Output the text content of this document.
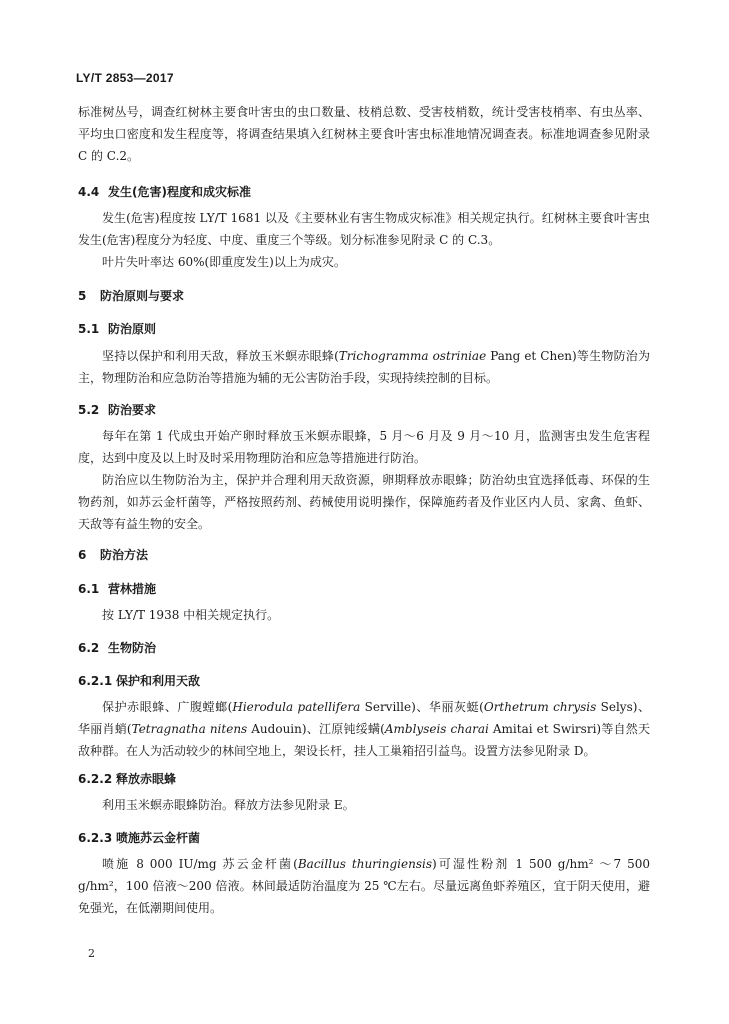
LY/T 2853—2017
标准树丛号，调查红树林主要食叶害虫的虫口数量、枝梢总数、受害枝梢数，统计受害枝梢率、有虫丛率、平均虫口密度和发生程度等，将调查结果填入红树林主要食叶害虫标准地情况调查表。标准地调查参见附录 C 的 C.2。
4.4 发生(危害)程度和成灾标准
发生(危害)程度按 LY/T 1681 以及《主要林业有害生物成灾标准》相关规定执行。红树林主要食叶害虫发生(危害)程度分为轻度、中度、重度三个等级。划分标准参见附录 C 的 C.3。
叶片失叶率达 60%(即重度发生)以上为成灾。
5 防治原则与要求
5.1 防治原则
坚持以保护和利用天敌，释放玉米螟赤眼蜂(Trichogramma ostriniae Pang et Chen)等生物防治为主，物理防治和应急防治等措施为辅的无公害防治手段，实现持续控制的目标。
5.2 防治要求
每年在第 1 代成虫开始产卵时释放玉米螟赤眼蜂，5 月～6 月及 9 月～10 月，监测害虫发生危害程度，达到中度及以上时及时采用物理防治和应急等措施进行防治。
防治应以生物防治为主，保护并合理利用天敌资源，卵期释放赤眼蜂；防治幼虫宜选择低毒、环保的生物药剂，如苏云金杆菌等，严格按照药剂、药械使用说明操作，保障施药者及作业区内人员、家禽、鱼虾、天敌等有益生物的安全。
6 防治方法
6.1 营林措施
按 LY/T 1938 中相关规定执行。
6.2 生物防治
6.2.1 保护和利用天敌
保护赤眼蜂、广腹螳螂(Hierodula patellifera Serville)、华丽灰蜓(Orthetrum chrysis Selys)、华丽肖蛸(Tetragnatha nitens Audouin)、江原钝绥螨(Amblyseis charai Amitai et Swirsri)等自然天敌种群。在人为活动较少的林间空地上，架设长杆，挂人工巢箱招引益鸟。设置方法参见附录 D。
6.2.2 释放赤眼蜂
利用玉米螟赤眼蜂防治。释放方法参见附录 E。
6.2.3 喷施苏云金杆菌
喷施 8 000 IU/mg 苏云金杆菌(Bacillus thuringiensis)可湿性粉剂 1 500 g/hm² ～7 500 g/hm²，100 倍液～200 倍液。林间最适防治温度为 25 ℃左右。尽量远离鱼虾养殖区，宜于阴天使用，避免强光，在低潮期间使用。
2
